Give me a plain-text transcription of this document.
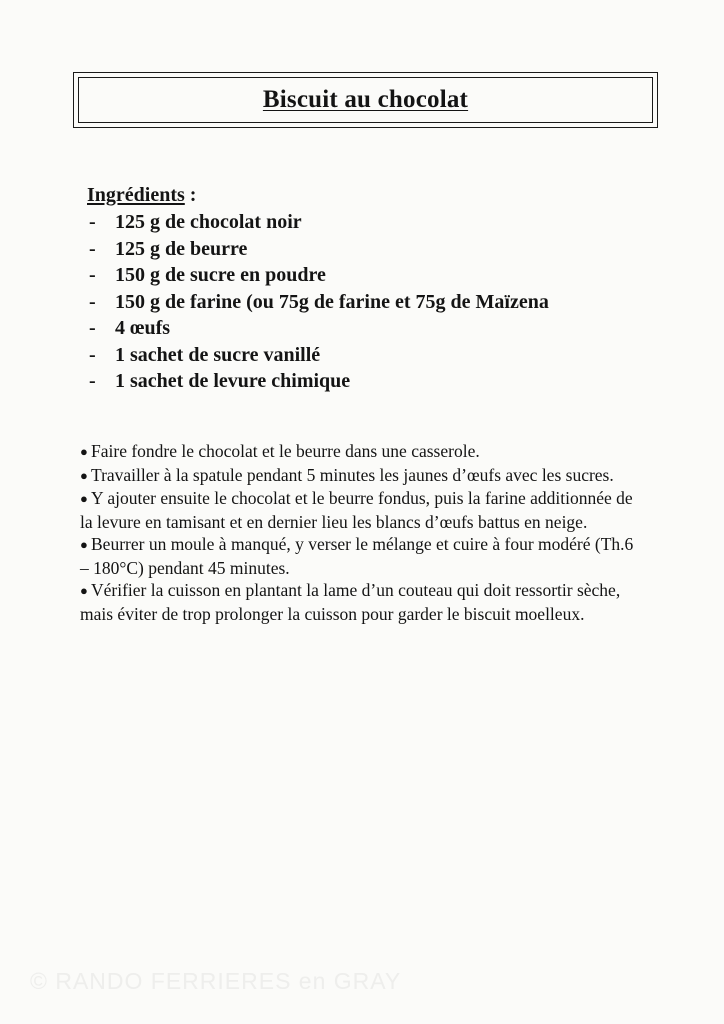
Biscuit au chocolat
Ingrédients :
- 125 g de chocolat noir
- 125 g de beurre
- 150 g de sucre en poudre
- 150 g de farine (ou 75g de farine et 75g de Maïzena
- 4 œufs
- 1 sachet de sucre vanillé
- 1 sachet de levure chimique
● Faire fondre le chocolat et le beurre dans une casserole.
● Travailler à la spatule pendant 5 minutes les jaunes d’œufs avec les sucres.
● Y ajouter ensuite le chocolat et le beurre fondus, puis la farine additionnée de la levure en tamisant et en dernier lieu les blancs d’œufs battus en neige.
● Beurrer un moule à manqué, y verser le mélange et cuire à four modéré (Th.6 – 180°C) pendant 45 minutes.
● Vérifier la cuisson en plantant la lame d’un couteau qui doit ressortir sèche, mais éviter de trop prolonger la cuisson pour garder le biscuit moelleux.
© RANDO FERRIERES en GRAY
